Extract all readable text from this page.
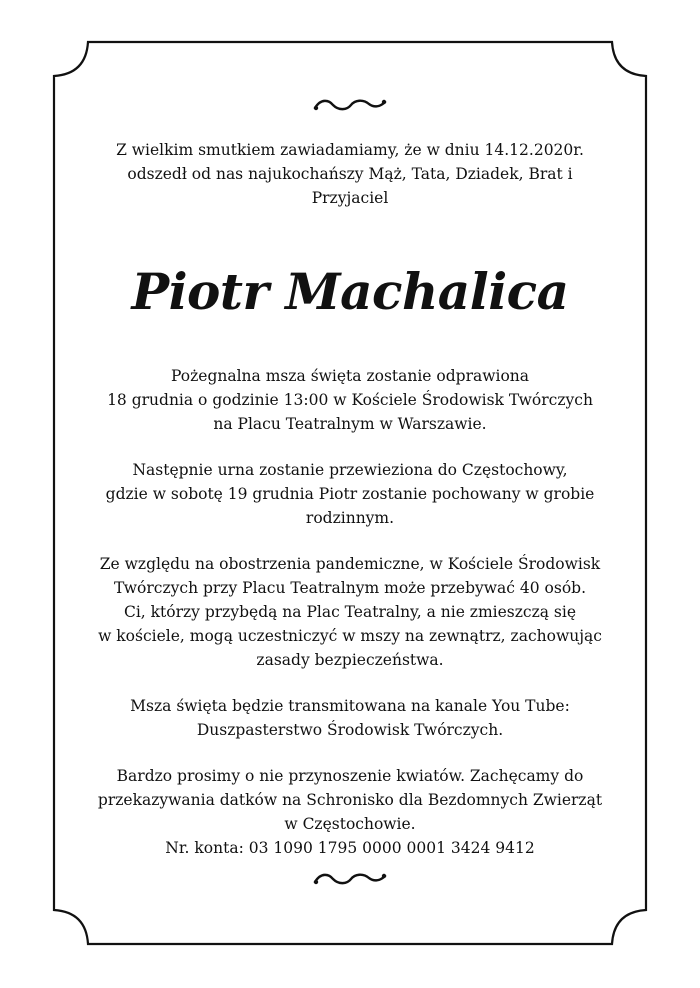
Z wielkim smutkiem zawiadamiamy, że w dniu 14.12.2020r.

odszedł od nas najukochańszy Mąż, Tata, Dziadek, Brat i Przyjaciel

Piotr Machalica

Pożegnalna msza święta zostanie odprawiona

18 grudnia o godzinie 13:00 w Kościele Środowisk Twórczych

na Placu Teatralnym w Warszawie.

Następnie urna zostanie przewieziona do Częstochowy,

gdzie w sobotę 19 grudnia Piotr zostanie pochowany w grobie

rodzinnym.

Ze względu na obostrzenia pandemiczne, w Kościele Środowisk

Twórczych przy Placu Teatralnym może przebywać 40 osób.

Ci, którzy przybędą na Plac Teatralny, a nie zmieszczą się

w kościele, mogą uczestniczyć w mszy na zewnątrz, zachowując

zasady bezpieczeństwa.

Msza święta będzie transmitowana na kanale You Tube:

Duszpasterstwo Środowisk Twórczych.

Bardzo prosimy o nie przynoszenie kwiatów. Zachęcamy do

przekazywania datków na Schronisko dla Bezdomnych Zwierząt

w Częstochowie.

Nr. konta: 03 1090 1795 0000 0001 3424 9412
